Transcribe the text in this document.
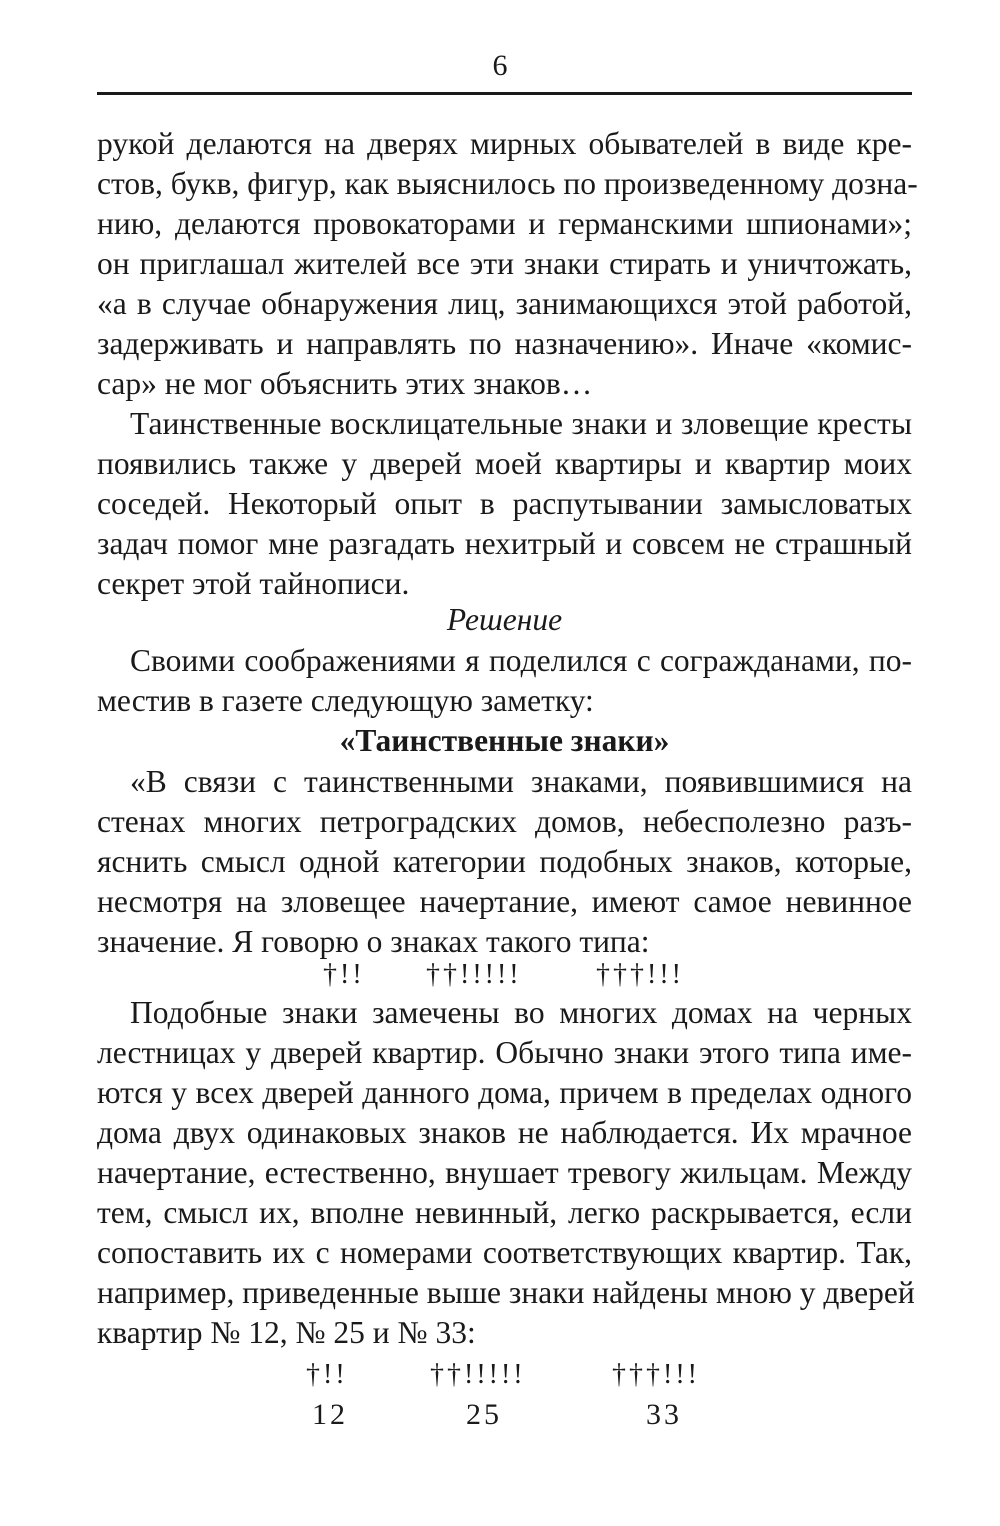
6
рукой делаются на дверях мирных обывателей в виде кре-
стов, букв, фигур, как выяснилось по произведенному дозна-
нию, делаются провокаторами и германскими шпионами»;
он приглашал жителей все эти знаки стирать и уничтожать,
«а в случае обнаружения лиц, занимающихся этой работой,
задерживать и направлять по назначению». Иначе «комис-
сар» не мог объяснить этих знаков…
Таинственные восклицательные знаки и зловещие кресты
появились также у дверей моей квартиры и квартир моих
соседей. Некоторый опыт в распутывании замысловатых
задач помог мне разгадать нехитрый и совсем не страшный
секрет этой тайнописи.
Решение
Своими соображениями я поделился с согражданами, по-
местив в газете следующую заметку:
«Таинственные знаки»
«В связи с таинственными знаками, появившимися на
стенах многих петроградских домов, небесполезно разъ-
яснить смысл одной категории подобных знаков, которые,
несмотря на зловещее начертание, имеют самое невинное
значение. Я говорю о знаках такого типа:
†!! ††!!!!!	†††!!!
Подобные знаки замечены во многих домах на черных
лестницах у дверей квартир. Обычно знаки этого типа име-
ются у всех дверей данного дома, причем в пределах одного
дома двух одинаковых знаков не наблюдается. Их мрачное
начертание, естественно, внушает тревогу жильцам. Между
тем, смысл их, вполне невинный, легко раскрывается, если
сопоставить их с номерами соответствующих квартир. Так,
например, приведенные выше знаки найдены мною у дверей
квартир № 12, № 25 и № 33:
†!!	††!!!!!	†††!!!
12	25	33
